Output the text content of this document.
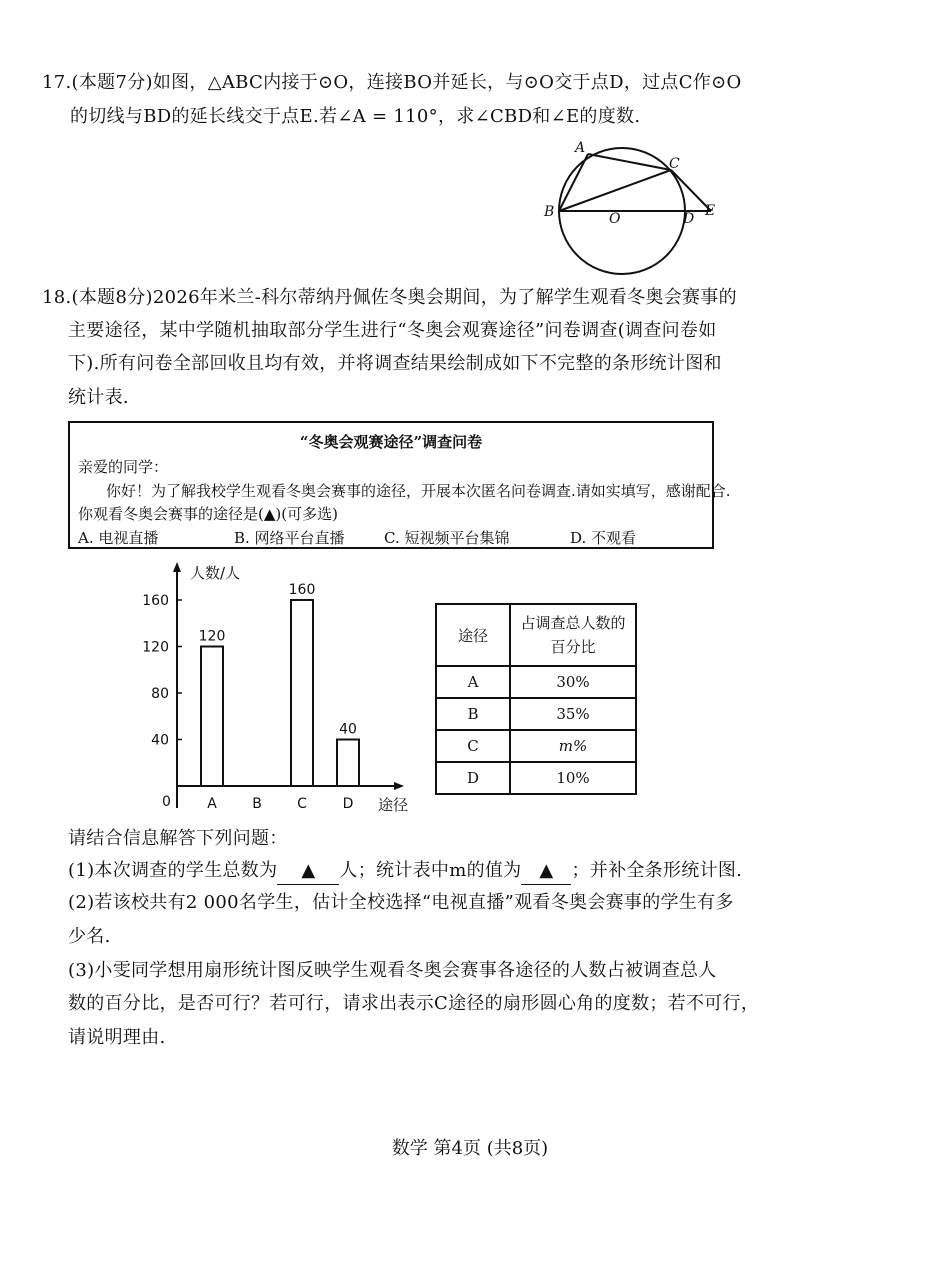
17.(本题7分)如图，△ABC内接于⊙O，连接BO并延长，与⊙O交于点D，过点C作⊙O
的切线与BD的延长线交于点E.若∠A = 110°，求∠CBD和∠E的度数.
A
B
C
O	D E
18.(本题8分)2026年米兰-科尔蒂纳丹佩佐冬奥会期间，为了解学生观看冬奥会赛事的
主要途径，某中学随机抽取部分学生进行“冬奥会观赛途径”问卷调查(调查问卷如
下).所有问卷全部回收且均有效，并将调查结果绘制成如下不完整的条形统计图和
统计表.
“冬奥会观赛途径”调查问卷
亲爱的同学：
你好！为了解我校学生观看冬奥会赛事的途径，开展本次匿名问卷调查.请如实填写，感谢配合.
你观看冬奥会赛事的途径是(▲)(可多选)
A. 电视直播	B. 网络平台直播	C. 短视频平台集锦	D. 不观看
人数/人
途径
0
40
80
120
160
A
120
B	C
160
D
40
途径	占调查总人数的
百分比
A	30%
B	35%
C	m%
D	10%
请结合信息解答下列问题：
(1)本次调查的学生总数为 ▲ 人；统计表中m的值为 ▲ ；并补全条形统计图.
(2)若该校共有2 000名学生，估计全校选择“电视直播”观看冬奥会赛事的学生有多
少名.
(3)小雯同学想用扇形统计图反映学生观看冬奥会赛事各途径的人数占被调查总人
数的百分比，是否可行？若可行，请求出表示C途径的扇形圆心角的度数；若不可行，
请说明理由.
数学 第4页 (共8页)
